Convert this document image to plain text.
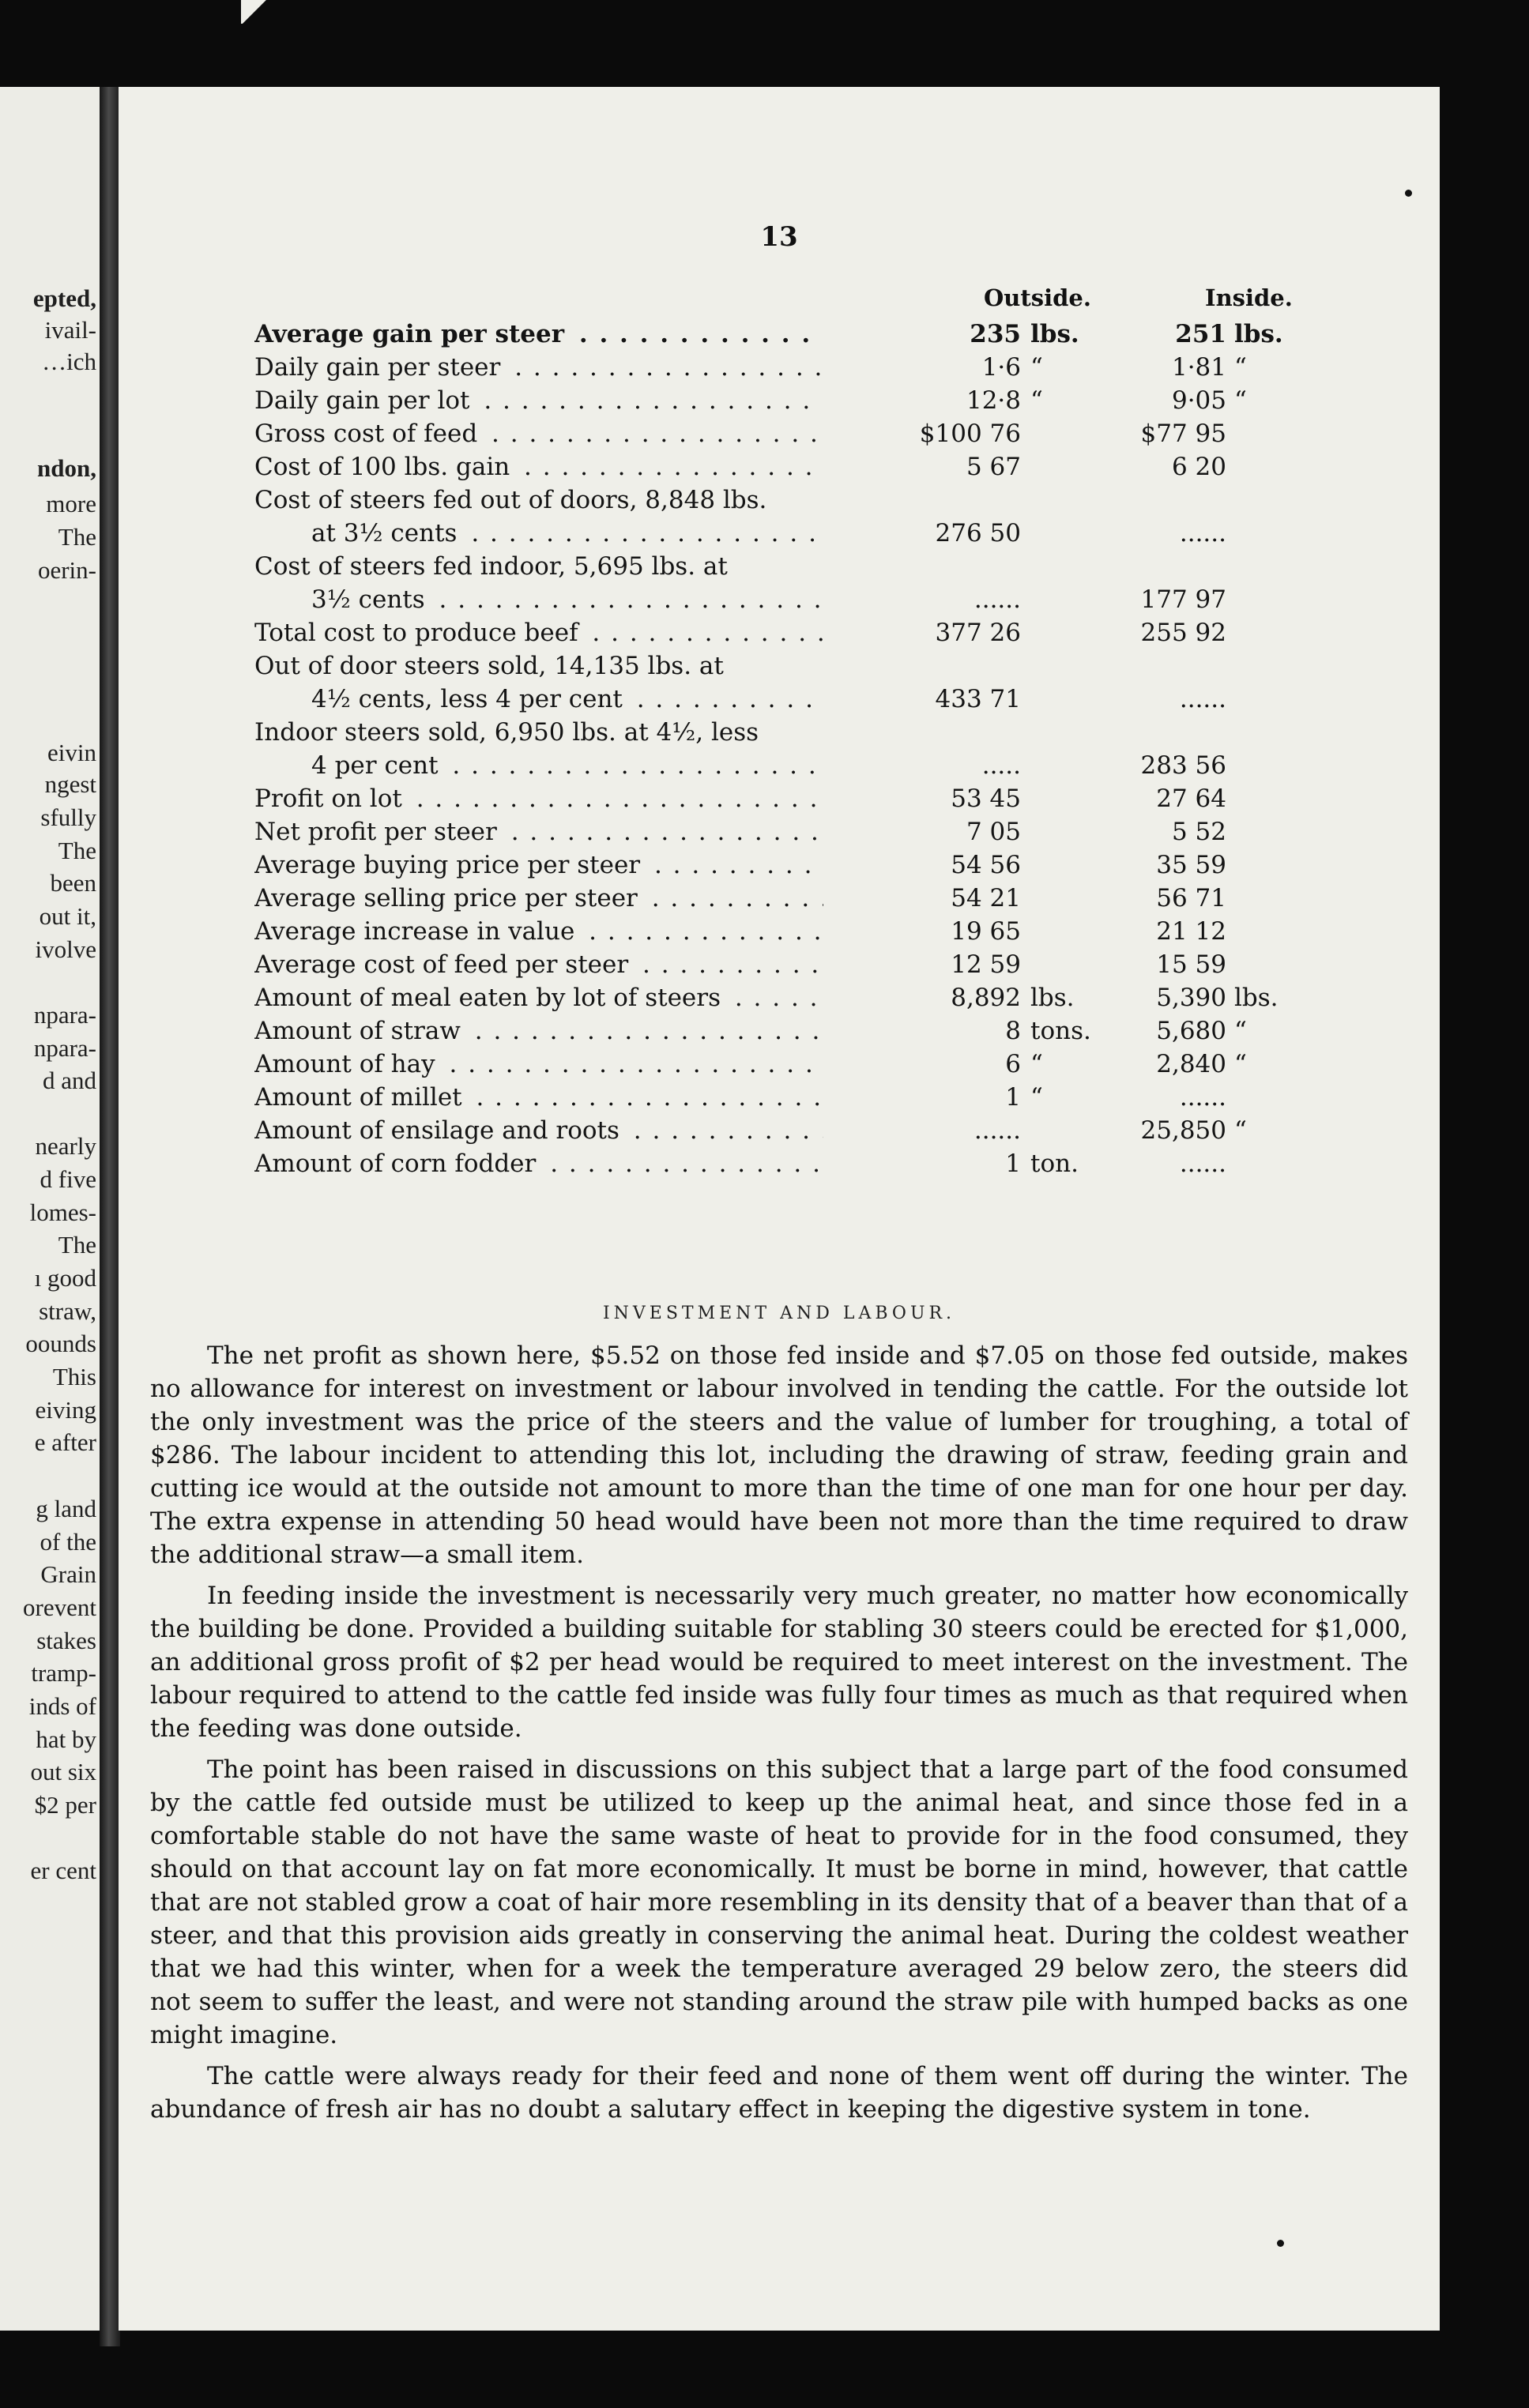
epted,
ivail-
…ich
ndon,
more
The
oerin-
eivin
ngest
sfully
The
been
out it,
ivolve
npara-
npara-
d and
nearly
d five
lomes-
The
ı good
straw,
oounds
This
eiving
e after
g land
of the
Grain
orevent
stakes
tramp-
inds of
hat by
out six
$2 per
er cent
13
Outside.	Inside.
Average gain per steer . . .	235 lbs.	251 lbs.
Daily gain per steer . . .	1·6 “	1·81 “
Daily gain per lot . . .	12·8 “	9·05 “
Gross cost of feed . . .	$100 76	$77 95
Cost of 100 lbs. gain . . .	5 67	6 20
Cost of steers fed out of doors, 8,848 lbs.
at 3½ cents . . .	276 50	......
Cost of steers fed indoor, 5,695 lbs. at
3½ cents . . .	......	177 97
Total cost to produce beef . . .	377 26	255 92
Out of door steers sold, 14,135 lbs. at
4½ cents, less 4 per cent . . .	433 71	......
Indoor steers sold, 6,950 lbs. at 4½, less
4 per cent . . .	.....	283 56
Profit on lot . . .	53 45	27 64
Net profit per steer . . .	7 05	5 52
Average buying price per steer . . .	54 56	35 59
Average selling price per steer . . .	54 21	56 71
Average increase in value . . .	19 65	21 12
Average cost of feed per steer . . .	12 59	15 59
Amount of meal eaten by lot of steers . . .	8,892 lbs.	5,390 lbs.
Amount of straw . . .	8 tons.	5,680 “
Amount of hay . . .	6 “	2,840 “
Amount of millet . . .	1 “	......
Amount of ensilage and roots . . .	......	25,850 “
Amount of corn fodder . . .	1 ton.	......
INVESTMENT AND LABOUR.

The net profit as shown here, $5.52 on those fed inside and $7.05 on those fed outside, makes no allowance for interest on investment or labour involved in tending the cattle. For the outside lot the only investment was the price of the steers and the value of lumber for troughing, a total of $286. The labour incident to attending this lot, including the drawing of straw, feeding grain and cutting ice would at the outside not amount to more than the time of one man for one hour per day. The extra expense in attending 50 head would have been not more than the time required to draw the additional straw—a small item.

In feeding inside the investment is necessarily very much greater, no matter how economically the building be done. Provided a building suitable for stabling 30 steers could be erected for $1,000, an additional gross profit of $2 per head would be required to meet interest on the investment. The labour required to attend to the cattle fed inside was fully four times as much as that required when the feeding was done outside.

The point has been raised in discussions on this subject that a large part of the food consumed by the cattle fed outside must be utilized to keep up the animal heat, and since those fed in a comfortable stable do not have the same waste of heat to provide for in the food consumed, they should on that account lay on fat more economically. It must be borne in mind, however, that cattle that are not stabled grow a coat of hair more resembling in its density that of a beaver than that of a steer, and that this provision aids greatly in conserving the animal heat. During the coldest weather that we had this winter, when for a week the temperature averaged 29 below zero, the steers did not seem to suffer the least, and were not standing around the straw pile with humped backs as one might imagine.

The cattle were always ready for their feed and none of them went off during the winter. The abundance of fresh air has no doubt a salutary effect in keeping the digestive system in tone.
